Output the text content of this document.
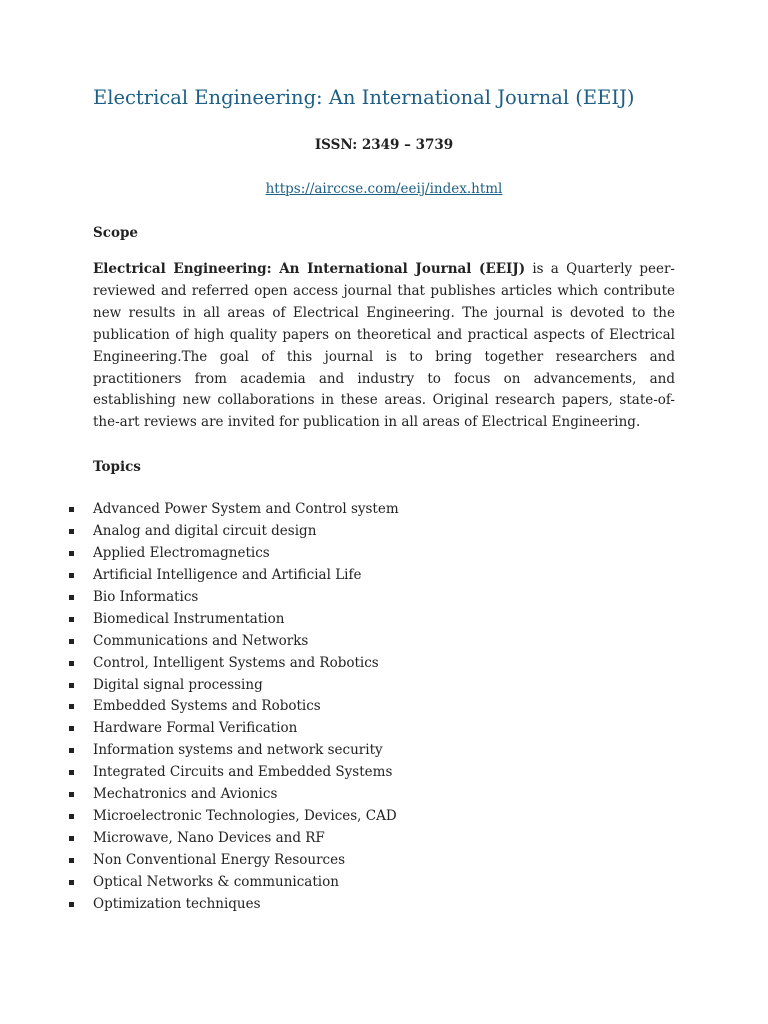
Electrical Engineering: An International Journal (EEIJ)
ISSN: 2349 – 3739
https://airccse.com/eeij/index.html
Scope

Electrical Engineering: An International Journal (EEIJ) is a Quarterly peer-reviewed and referred open access journal that publishes articles which contribute new results in all areas of Electrical Engineering. The journal is devoted to the publication of high quality papers on theoretical and practical aspects of Electrical Engineering.The goal of this journal is to bring together researchers and practitioners from academia and industry to focus on advancements, and establishing new collaborations in these areas. Original research papers, state-of-the-art reviews are invited for publication in all areas of Electrical Engineering.

Topics
Advanced Power System and Control system
Analog and digital circuit design
Applied Electromagnetics
Artificial Intelligence and Artificial Life
Bio Informatics
Biomedical Instrumentation
Communications and Networks
Control, Intelligent Systems and Robotics
Digital signal processing
Embedded Systems and Robotics
Hardware Formal Verification
Information systems and network security
Integrated Circuits and Embedded Systems
Mechatronics and Avionics
Microelectronic Technologies, Devices, CAD
Microwave, Nano Devices and RF
Non Conventional Energy Resources
Optical Networks & communication
Optimization techniques
